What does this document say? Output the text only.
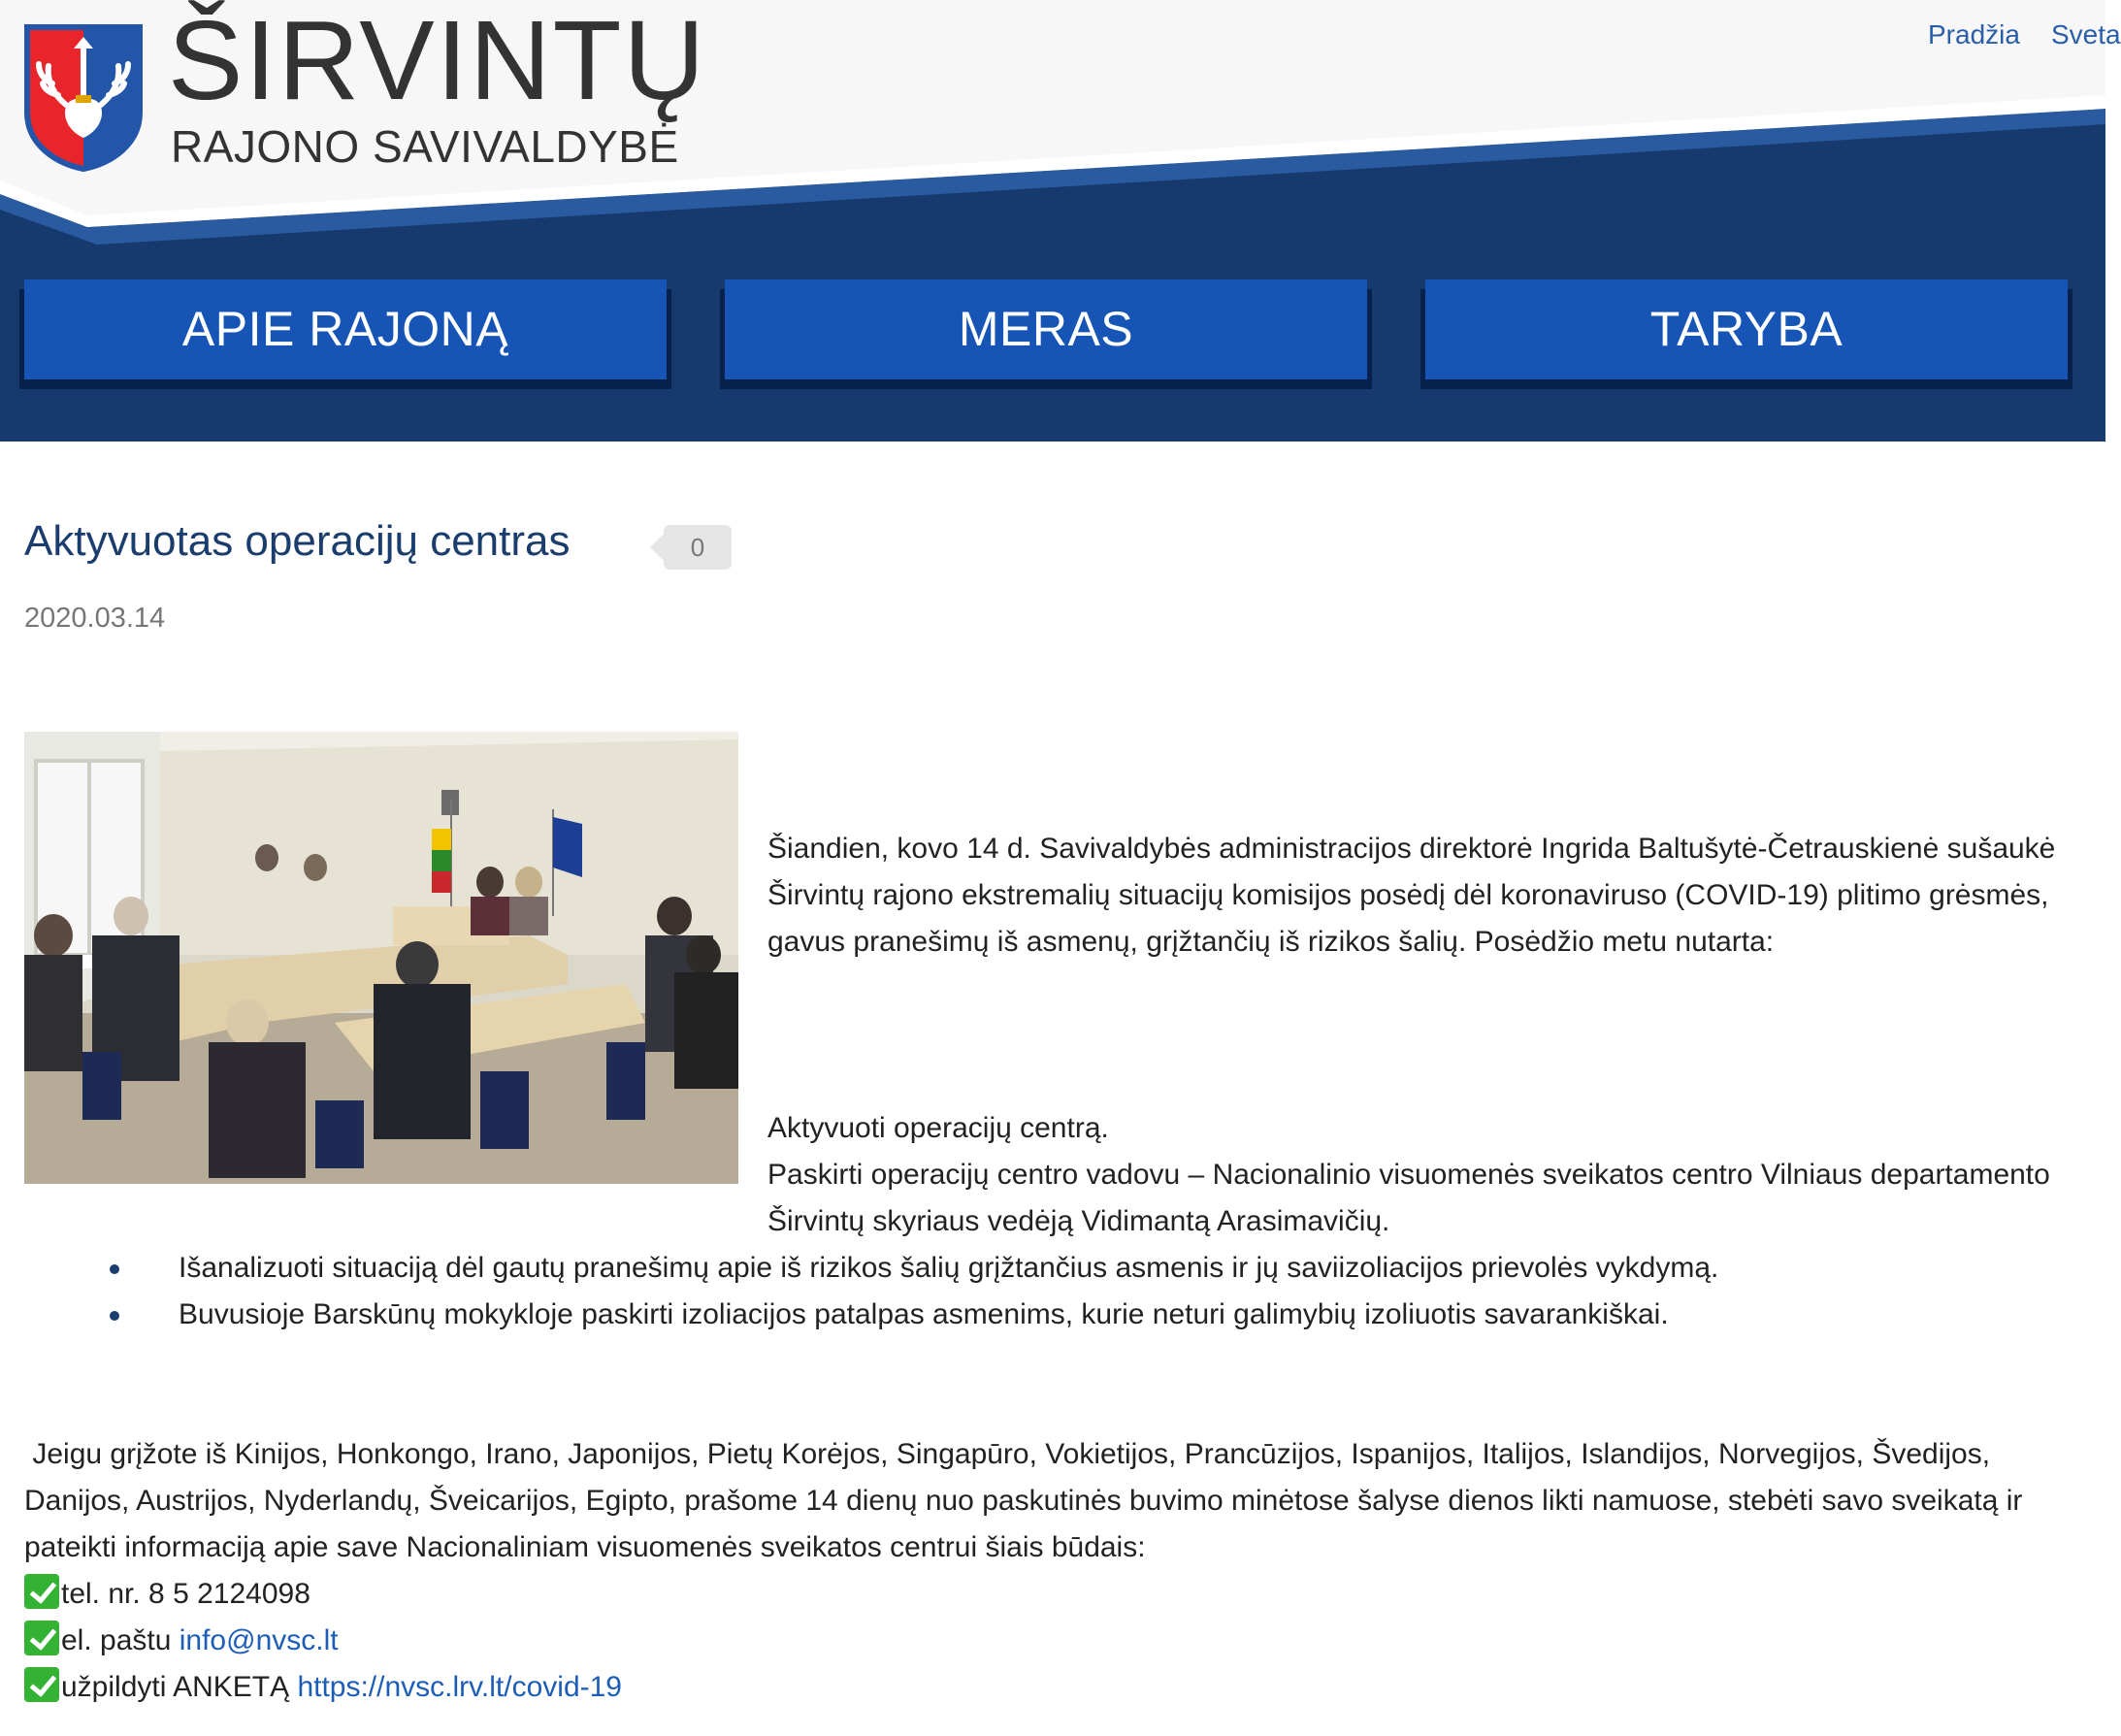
ŠIRVINTŲ
RAJONO SAVIVALDYBĖ
Pradžia Sveta
APIE RAJONĄ	MERAS	TARYBA
Aktyvuotas operacijų centras	0
2020.03.14
Šiandien, kovo 14 d. Savivaldybės administracijos direktorė Ingrida Baltušytė-Četrauskienė sušaukė Širvintų rajono ekstremalių situacijų komisijos posėdį dėl koronaviruso (COVID-19) plitimo grėsmės, gavus pranešimų iš asmenų, grįžtančių iš rizikos šalių. Posėdžio metu nutarta:
Aktyvuoti operacijų centrą.
Paskirti operacijų centro vadovu – Nacionalinio visuomenės sveikatos centro Vilniaus departamento Širvintų skyriaus vedėją Vidimantą Arasimavičių.
Išanalizuoti situaciją dėl gautų pranešimų apie iš rizikos šalių grįžtančius asmenis ir jų saviizoliacijos prievolės vykdymą.
Buvusioje Barskūnų mokykloje paskirti izoliacijos patalpas asmenims, kurie neturi galimybių izoliuotis savarankiškai.
Jeigu grįžote iš Kinijos, Honkongo, Irano, Japonijos, Pietų Korėjos, Singapūro, Vokietijos, Prancūzijos, Ispanijos, Italijos, Islandijos, Norvegijos, Švedijos, Danijos, Austrijos, Nyderlandų, Šveicarijos, Egipto, prašome 14 dienų nuo paskutinės buvimo minėtose šalyse dienos likti namuose, stebėti savo sveikatą ir pateikti informaciją apie save Nacionaliniam visuomenės sveikatos centrui šiais būdais:
tel. nr. 8 5 2124098
el. paštu info@nvsc.lt
užpildyti ANKETĄ https://nvsc.lrv.lt/covid-19
